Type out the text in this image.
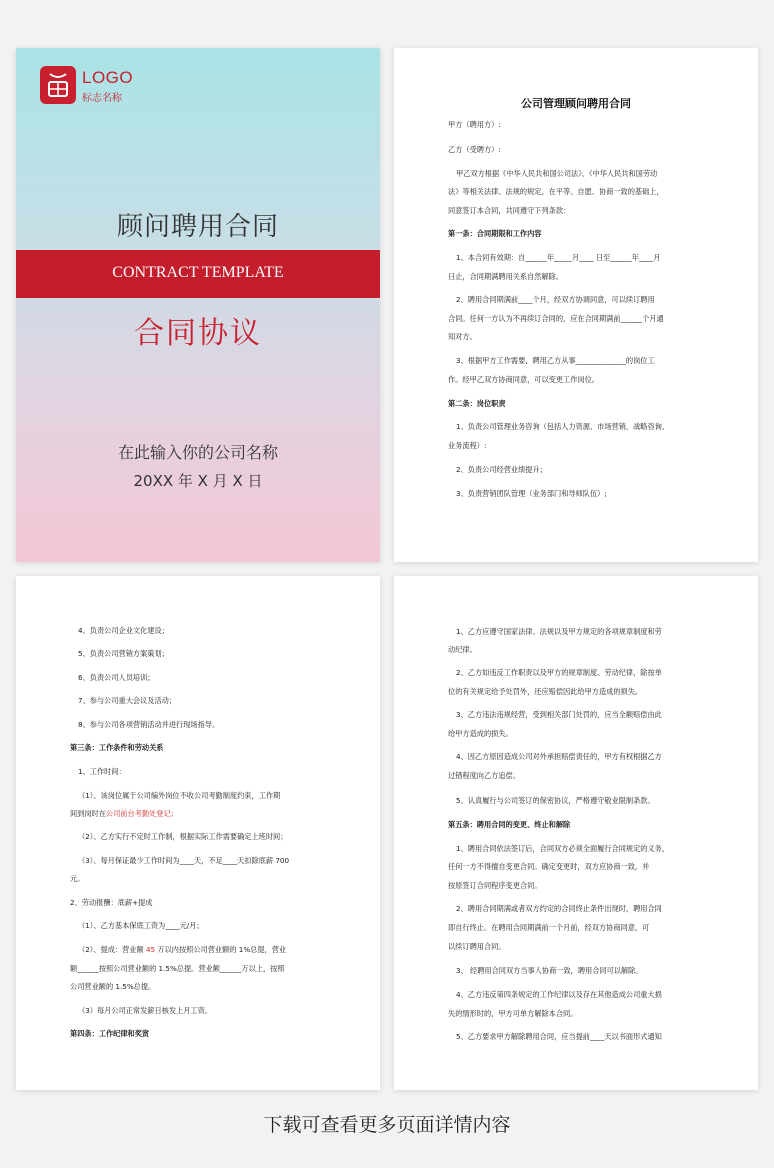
LOGO
标志名称
顾问聘用合同
CONTRACT TEMPLATE
合同协议
在此输入你的公司名称
20XX 年 X 月 X 日
公司管理顾问聘用合同
甲方（聘用方）:
乙方（受聘方）:
甲乙双方根据《中华人民共和国公司法》、《中华人民共和国劳动
法》等相关法律、法规的规定，在平等、自愿、协商一致的基础上，
同意签订本合同，共同遵守下列条款：
第一条：合同期限和工作内容
1、本合同有效期：自______年_____月____ 日至______年____月
日止，合同期满聘用关系自然解除。
2、聘用合同期满前____个月，经双方协调同意，可以续订聘用
合同。任何一方认为不再续订合同的，应在合同期满前______个月通
知对方。
3、根据甲方工作需要，聘用乙方从事______________的岗位工
作。经甲乙双方协商同意，可以变更工作岗位。
第二条：岗位职责
1、负责公司管理业务咨询（包括人力资源、市场营销、战略咨询、
业务流程）:
2、负责公司经营业绩提升；
3、负责营销团队管理（业务部门和导师队伍）;
4、负责公司企业文化建设；
5、负责公司营销方案策划；
6、负责公司人员培训；
7、参与公司重大会议及活动；
8、参与公司各项营销活动并进行现场指导。
第三条：工作条件和劳动关系
1、工作时间：
（1）、该岗位属于公司编外岗位不收公司考勤制度约束，工作期
间到岗时在公司前台考勤处登记；
（2）、乙方实行不定时工作制，根据实际工作需要确定上班时间；
（3）、每月保证最少工作时间为____天，不足____天扣除底薪 700
元。
2、劳动报酬：底薪+提成
（1）、乙方基本保底工资为____元/月；
（2）、提成：营业额 45 万以内按照公司营业额的 1%总提，营业
额______按照公司营业额的 1.5%总提。营业额______万以上，按照
公司营业额的 1.5%总提。
（3）每月公司正常发薪日核发上月工资。
第四条：工作纪律和奖赏
1、乙方应遵守国家法律、法规以及甲方规定的各项规章制度和劳
动纪律。
2、乙方如违反工作职责以及甲方的规章制度、劳动纪律，除按单
位的有关规定给予处罚外，还应赔偿因此给甲方造成的损失。
3、乙方违法违规经营，受到相关部门处罚的，应当全额赔偿由此
给甲方造成的损失。
4、因乙方原因造成公司对外承担赔偿责任的，甲方有权根据乙方
过错程度向乙方追偿。
5、认真履行与公司签订的保密协议，严格遵守敬业限制条款。
第五条：聘用合同的变更、终止和解除
1、聘用合同依法签订后，合同双方必须全面履行合同规定的义务，
任何一方不得擅自变更合同。确定变更时，双方应协商一致，并
按原签订合同程序变更合同。
2、聘用合同期满或者双方约定的合同终止条件出现时，聘用合同
即自行终止。在聘用合同期满前一个月前，经双方协商同意，可
以续订聘用合同。
3、 经聘用合同双方当事人协商一致，聘用合同可以解除。
4、乙方违反第四条规定的工作纪律以及存在其他造成公司重大损
失的情形时的，甲方可单方解除本合同。
5、乙方要求甲方解除聘用合同，应当提前____天以书面形式通知
下载可查看更多页面详情内容
